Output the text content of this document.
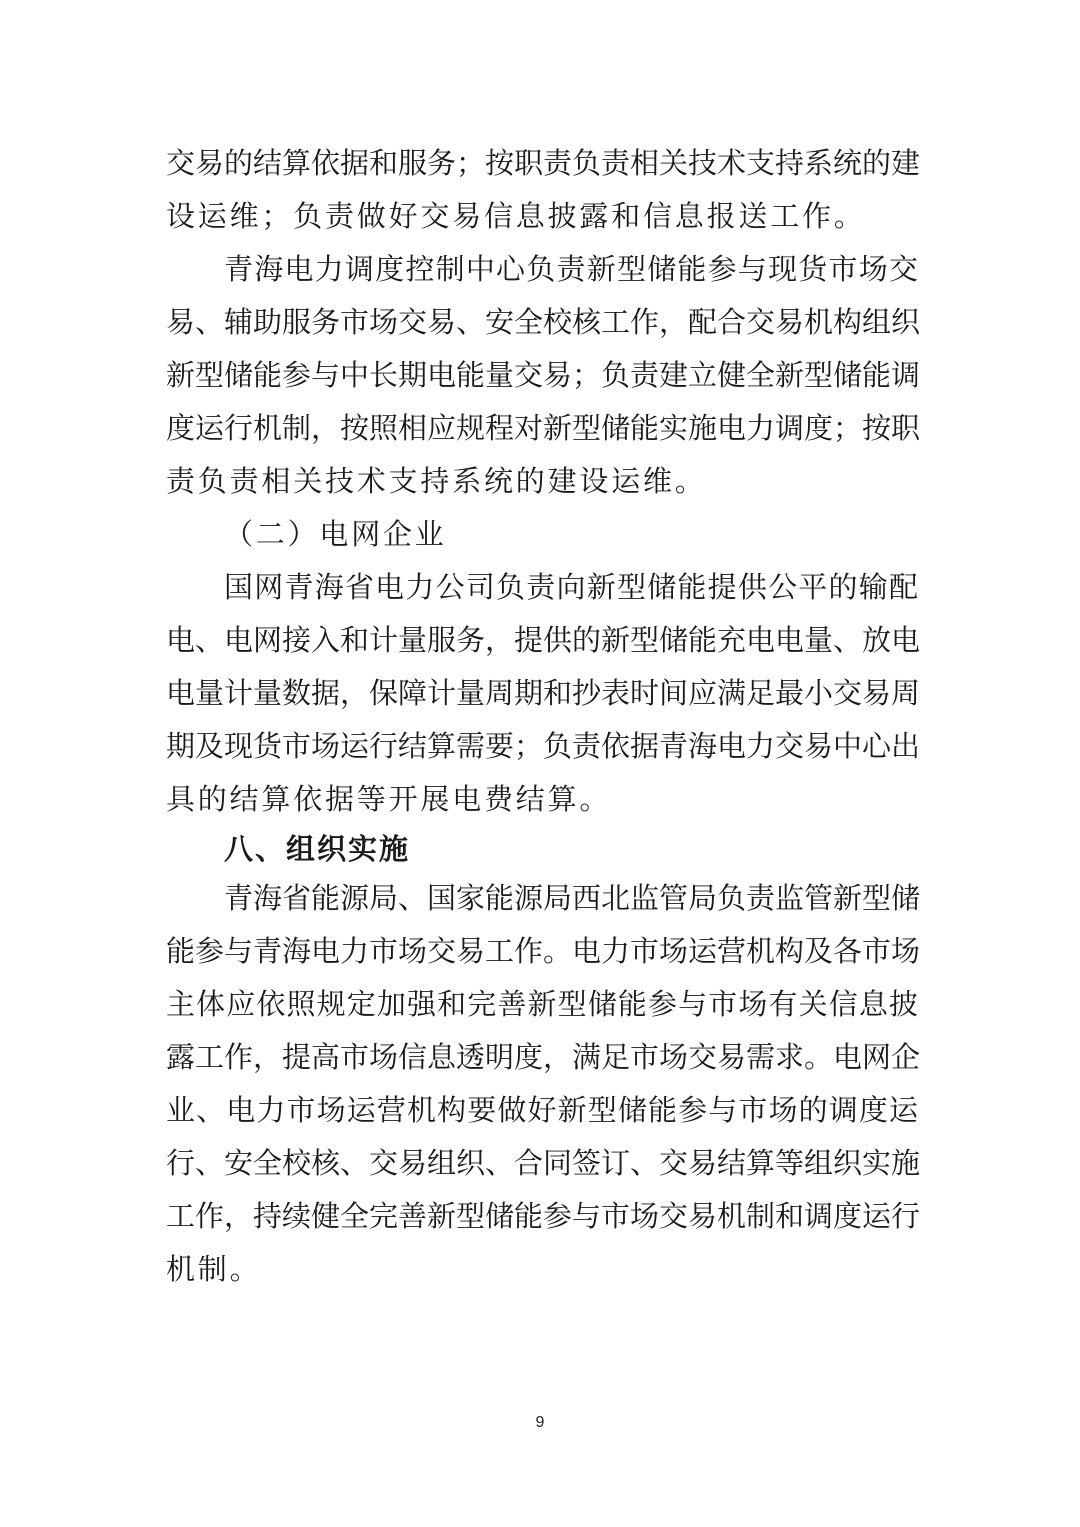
交易的结算依据和服务；按职责负责相关技术支持系统的建
设运维；负责做好交易信息披露和信息报送工作。
青海电力调度控制中心负责新型储能参与现货市场交
易、辅助服务市场交易、安全校核工作，配合交易机构组织
新型储能参与中长期电能量交易；负责建立健全新型储能调
度运行机制，按照相应规程对新型储能实施电力调度；按职
责负责相关技术支持系统的建设运维。
（二）电网企业
国网青海省电力公司负责向新型储能提供公平的输配
电、电网接入和计量服务，提供的新型储能充电电量、放电
电量计量数据，保障计量周期和抄表时间应满足最小交易周
期及现货市场运行结算需要；负责依据青海电力交易中心出
具的结算依据等开展电费结算。
八、组织实施
青海省能源局、国家能源局西北监管局负责监管新型储
能参与青海电力市场交易工作。电力市场运营机构及各市场
主体应依照规定加强和完善新型储能参与市场有关信息披
露工作，提高市场信息透明度，满足市场交易需求。电网企
业、电力市场运营机构要做好新型储能参与市场的调度运
行、安全校核、交易组织、合同签订、交易结算等组织实施
工作，持续健全完善新型储能参与市场交易机制和调度运行
机制。
9
